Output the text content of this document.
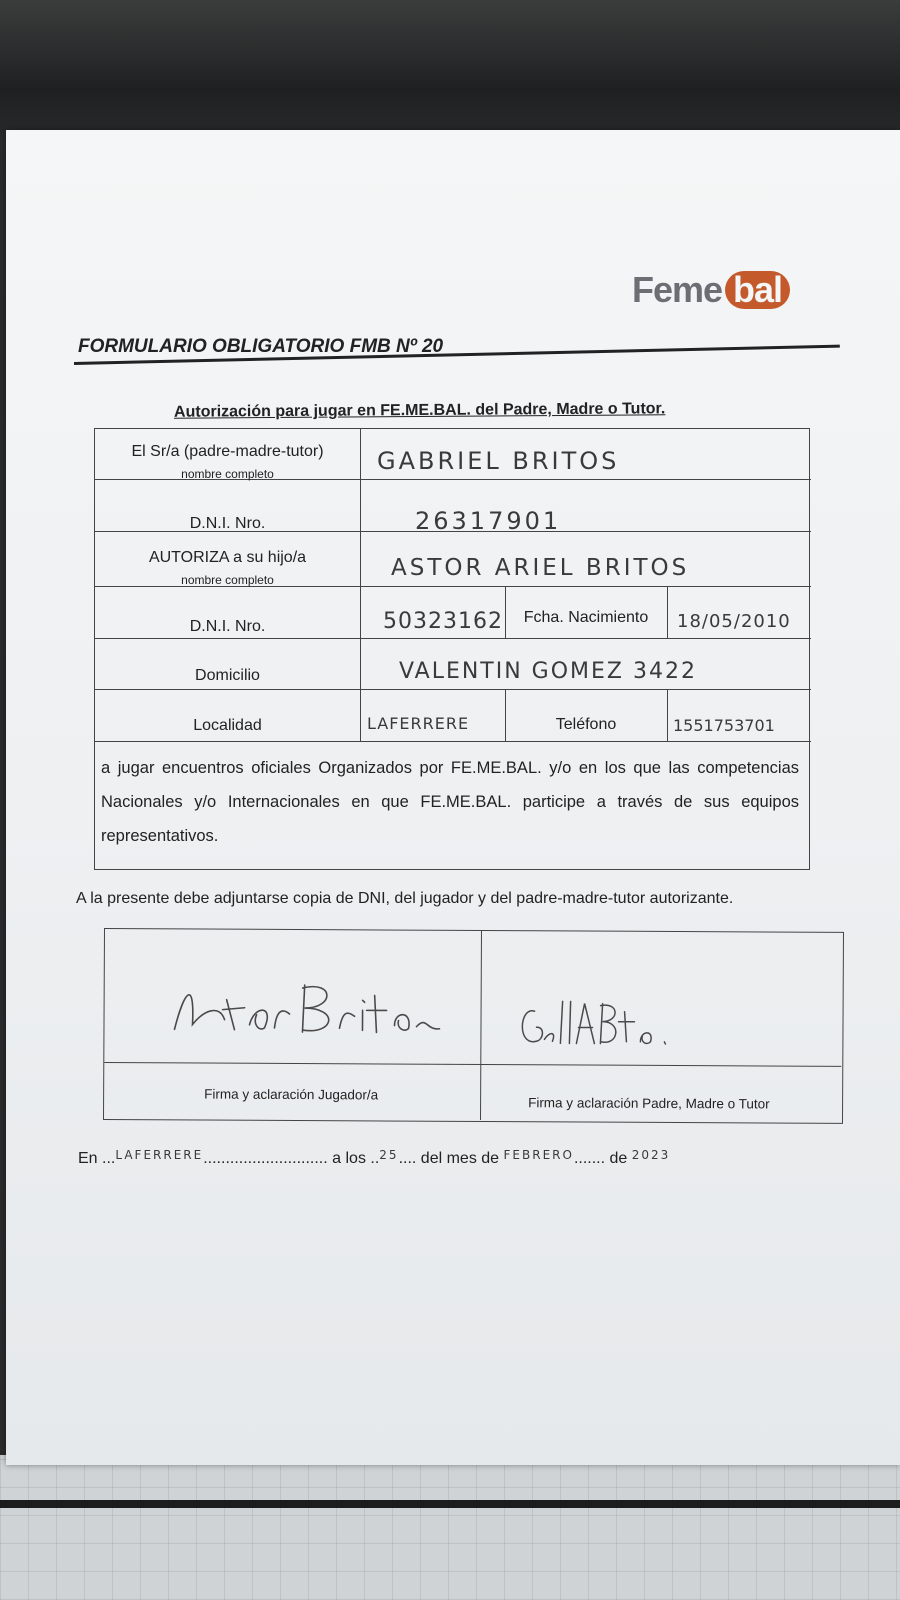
Feme bal
FORMULARIO OBLIGATORIO FMB Nº 20
Autorización para jugar en FE.ME.BAL. del Padre, Madre o Tutor.
El Sr/a (padre-madre-tutor)
nombre completo	GABRIEL BRITOS
D.N.I. Nro.	26317901
AUTORIZA a su hijo/a
nombre completo	ASTOR ARIEL BRITOS
D.N.I. Nro.	50323162	Fcha. Nacimiento	18/05/2010
Domicilio	VALENTIN GOMEZ 3422
Localidad	LAFERRERE	Teléfono	1551753701
a jugar encuentros oficiales Organizados por FE.ME.BAL. y/o en los que las competencias Nacionales y/o Internacionales en que FE.ME.BAL. participe a través de sus equipos representativos.
A la presente debe adjuntarse copia de DNI, del jugador y del padre-madre-tutor autorizante.
Astor Britos
GabrielABrito.
Firma y aclaración Jugador/a
Firma y aclaración Padre, Madre o Tutor
En ...$^{LAFERRERE}$............................ a los ..$^{25}$.... del mes de $^{FEBRERO}$....... de $^{2023}$
